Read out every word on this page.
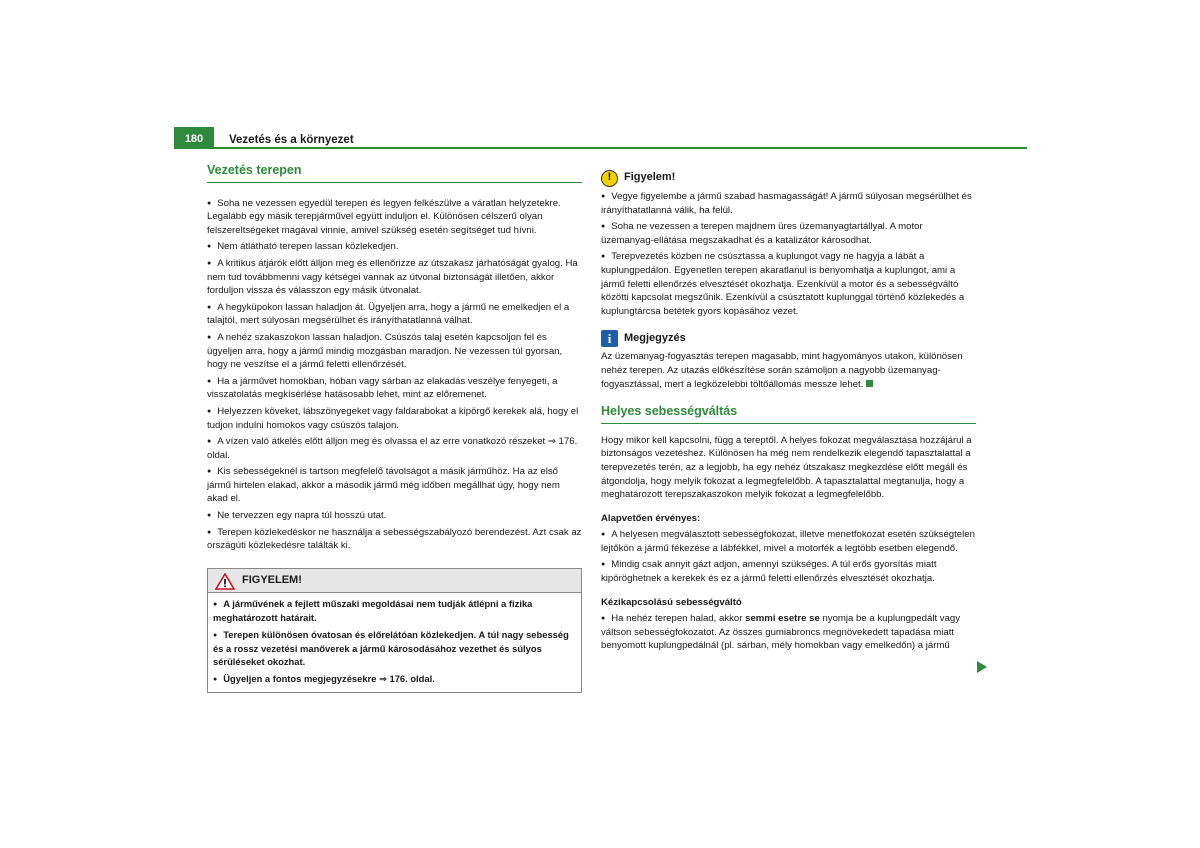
180	Vezetés és a környezet
Vezetés terepen
● Soha ne vezessen egyedül terepen és legyen felkészülve a váratlan helyzetekre. Legalább egy másik terepjárművel együtt induljon el. Különösen célszerű olyan felszereltségeket magával vinnie, amivel szükség esetén segítséget tud hívni.
● Nem átlátható terepen lassan közlekedjen.
● A kritikus átjárók előtt álljon meg és ellenőrizze az útszakasz járhatóságát gyalog. Ha nem tud továbbmenni vagy kétségei vannak az útvonal biztonságát illetően, akkor forduljon vissza és válasszon egy másik útvonalat.
● A hegyküpokon lassan haladjon át. Ügyeljen arra, hogy a jármű ne emelkedjen el a talajtól, mert súlyosan megsérülhet és irányíthatatlanná válhat.
● A nehéz szakaszokon lassan haladjon. Csúszós talaj esetén kapcsoljon fel és ügyeljen arra, hogy a jármű mindig mozgásban maradjon. Ne vezessen túl gyorsan, hogy ne veszítse el a jármű feletti ellenőrzését.
● Ha a járművet homokban, hóban vagy sárban az elakadás veszélye fenyegeti, a visszatolatás megkísérlése hatásosabb lehet, mint az előremenet.
● Helyezzen köveket, lábszönyegeket vagy faldarabokat a kipörgő kerekek alá, hogy el tudjon indulni homokos vagy csúszós talajon.
● A vízen való átkelés előtt álljon meg és olvassa el az erre vonatkozó részeket ⇒ 176. oldal.
● Kis sebességeknél is tartson megfelelő távolságot a másik járműhöz. Ha az első jármű hirtelen elakad, akkor a második jármű még időben megállhat úgy, hogy nem akad el.
● Ne tervezzen egy napra túl hosszú utat.
● Terepen közlekedéskor ne használja a sebességszabályozó berendezést. Azt csak az országúti közlekedésre találták ki.
FIGYELEM!
● A járművének a fejlett műszaki megoldásai nem tudják átlépni a fizika meghatározott határait.
● Terepen különösen óvatosan és előrelátóan közlekedjen. A túl nagy sebesség és a rossz vezetési manőverek a jármű károsodásához vezethet és súlyos sérüléseket okozhat.
● Ügyeljen a fontos megjegyzésekre ⇒ 176. oldal.
!	Figyelem!
● Vegye figyelembe a jármű szabad hasmagasságát! A jármű súlyosan megsérülhet és irányíthatatlanná válik, ha felül.
● Soha ne vezessen a terepen majdnem üres üzemanyagtartállyal. A motor üzemanyag-ellátása megszakadhat és a katalizátor károsodhat.
● Terepvezetés közben ne csúsztassa a kuplungot vagy ne hagyja a lábát a kuplungpedálon. Egyenetlen terepen akaratlanul is benyomhatja a kuplungot, ami a jármű feletti ellenőrzés elvesztését okozhatja. Ezenkívül a motor és a sebességváltó közötti kapcsolat megszűnik. Ezenkívül a csúsztatott kuplunggal történő közlekedés a kuplungtárcsa betétek gyors kopásához vezet.
i	Megjegyzés
Az üzemanyag-fogyasztás terepen magasabb, mint hagyományos utakon, különösen nehéz terepen. Az utazás előkészítése során számoljon a nagyobb üzemanyag-fogyasztással, mert a legközelebbi töltőállomás messze lehet.
Helyes sebességváltás
Hogy mikor kell kapcsolni, függ a tereptől. A helyes fokozat megválasztása hozzájárul a biztonságos vezetéshez. Különösen ha még nem rendelkezik elegendő tapasztalattal a terepvezetés terén, az a legjobb, ha egy nehéz útszakasz megkezdése előtt megáll és átgondolja, hogy melyik fokozat a legmegfelelőbb. A tapasztalattal megtanulja, hogy a meghatározott terepszakaszokon melyik fokozat a legmegfelelőbb.
Alapvetően érvényes:
● A helyesen megválasztott sebességfokozat, illetve menetfokozat esetén szükségtelen lejtőkön a jármű fékezése a lábfékkel, mivel a motorfék a legtöbb esetben elegendő.
● Mindig csak annyit gázt adjon, amennyi szükséges. A túl erős gyorsítás miatt kipöröghetnek a kerekek és ez a jármű feletti ellenőrzés elvesztését okozhatja.
Kézikapcsolású sebességváltó
● Ha nehéz terepen halad, akkor semmi esetre se nyomja be a kuplungpedált vagy váltson sebességfokozatot. Az összes gumiabroncs megnövekedett tapadása miatt benyomott kuplungpedálnál (pl. sárban, mély homokban vagy emelkedőn) a jármű
